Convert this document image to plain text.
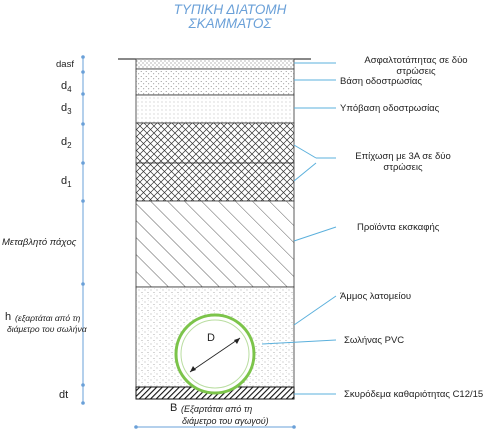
ΤΥΠΙΚΗ ΔΙΑΤΟΜΗ
ΣΚΑΜΜΑΤΟΣ
dasf
$d_4$
$d_3$
$d_2$
$d_1$
Μεταβλητό πάχος
h (εξαρτάται από τη
διάμετρο του σωλήνα
dt
Ασφαλτοτάπητας σε δύο
στρώσεις
Βάση οδοστρωσίας
Υπόβαση οδοστρωσίας
Επίχωση με 3Α σε δύο
στρώσεις
Προϊόντα εκσκαφής
Άμμος λατομείου
Σωλήνας PVC
Σκυρόδεμα καθαριότητας C12/15
D
B (Εξαρτάται από τη
διάμετρο του αγωγού)
